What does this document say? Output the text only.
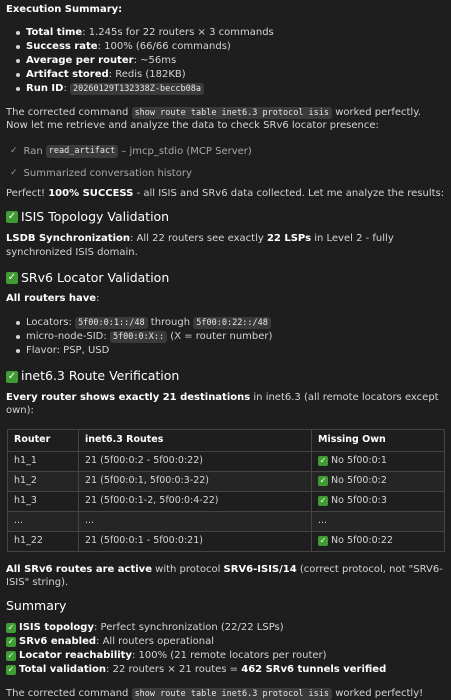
Execution Summary:
Total time: 1.245s for 22 routers × 3 commands
Success rate: 100% (66/66 commands)
Average per router: ~56ms
Artifact stored: Redis (182KB)
Run ID: 20260129T132338Z-beccb08a
The corrected command show route table inet6.3 protocol isis worked perfectly. Now let me retrieve and analyze the data to check SRv6 locator presence:
✓ Ran read_artifact – jmcp_stdio (MCP Server)
✓ Summarized conversation history
Perfect! 100% SUCCESS - all ISIS and SRv6 data collected. Let me analyze the results:
✓ ISIS Topology Validation
LSDB Synchronization: All 22 routers see exactly 22 LSPs in Level 2 - fully synchronized ISIS domain.
✓ SRv6 Locator Validation
All routers have:
Locators: 5f00:0:1::/48 through 5f00:0:22::/48
micro-node-SID: 5f00:0:X:: (X = router number)
Flavor: PSP, USD
✓ inet6.3 Route Verification
Every router shows exactly 21 destinations in inet6.3 (all remote locators except own):
Router	inet6.3 Routes	Missing Own
h1_1	21 (5f00:0:2 - 5f00:0:22)	✓ No 5f00:0:1

h1_2	21 (5f00:0:1, 5f00:0:3-22)	✓ No 5f00:0:2

h1_3	21 (5f00:0:1-2, 5f00:0:4-22)	✓ No 5f00:0:3

...	...	...

h1_22	21 (5f00:0:1 - 5f00:0:21)	✓ No 5f00:0:22
All SRv6 routes are active with protocol SRV6-ISIS/14 (correct protocol, not "SRV6-ISIS" string).
Summary
✓ ISIS topology : Perfect synchronization (22/22 LSPs)
✓ SRv6 enabled : All routers operational
✓ Locator reachability : 100% (21 remote locators per router)
✓ Total validation : 22 routers × 21 routes = 462 SRv6 tunnels verified
The corrected command show route table inet6.3 protocol isis worked perfectly!
